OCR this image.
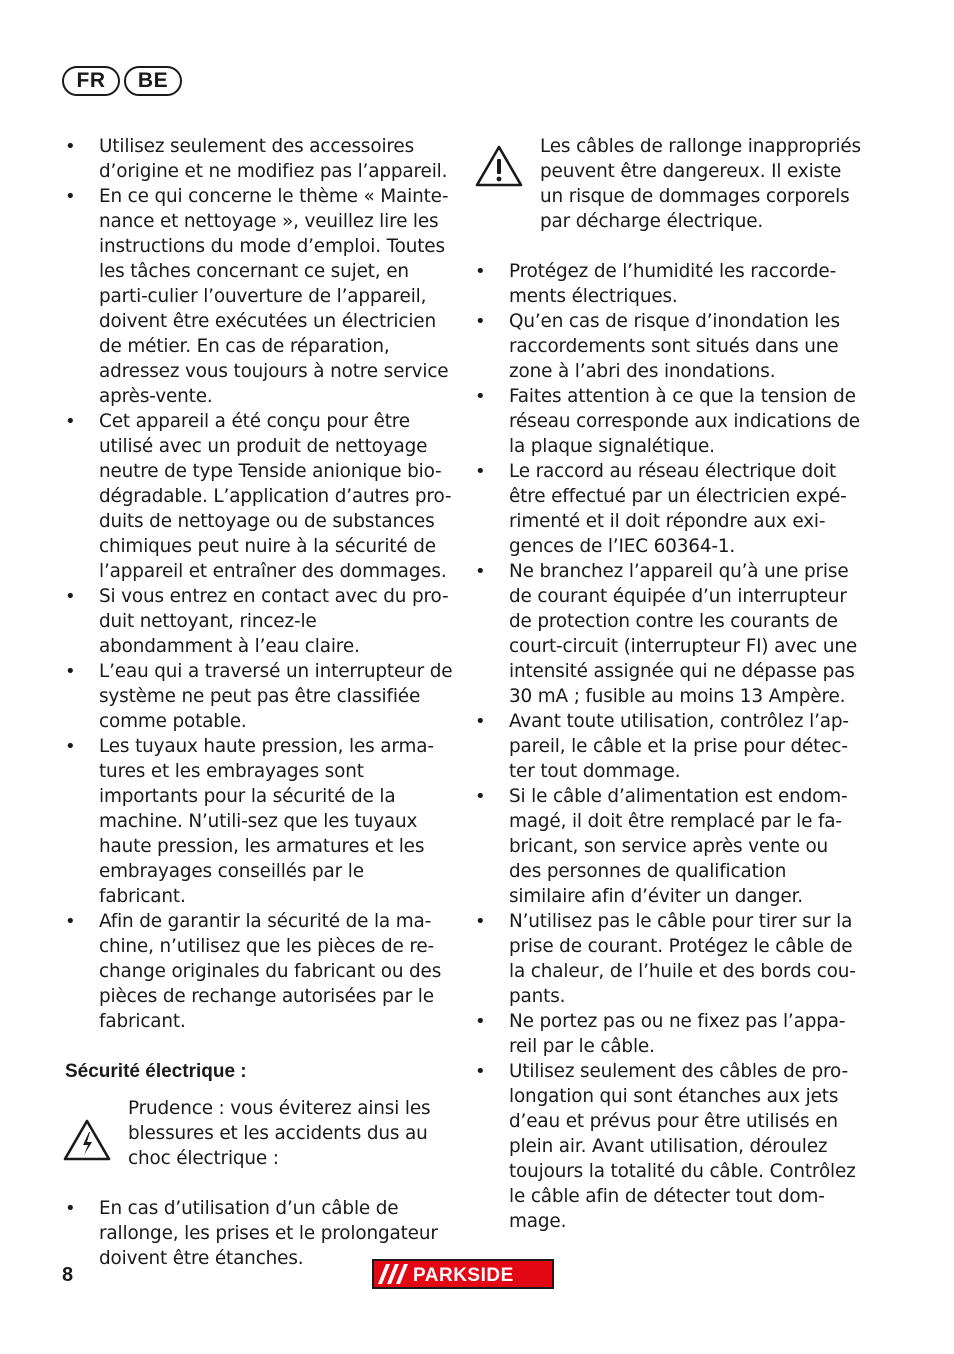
FR	BE
• Utilisez seulement des accessoires d’origine et ne modifiez pas l’appareil.
• En ce qui concerne le thème « Mainte-nance et nettoyage », veuillez lire les instructions du mode d’emploi. Toutes les tâches concernant ce sujet, en parti-culier l’ouverture de l’appareil, doivent être exécutées un électricien de métier. En cas de réparation, adressez vous toujours à notre service après-vente.
• Cet appareil a été conçu pour être utilisé avec un produit de nettoyage neutre de type Tenside anionique bio-dégradable. L’application d’autres pro-duits de nettoyage ou de substances chimiques peut nuire à la sécurité de l’appareil et entraîner des dommages.
• Si vous entrez en contact avec du pro-duit nettoyant, rincez-le abondamment à l’eau claire.
• L’eau qui a traversé un interrupteur de système ne peut pas être classifiée comme potable.
• Les tuyaux haute pression, les arma-tures et les embrayages sont importants pour la sécurité de la machine. N’utili-sez que les tuyaux haute pression, les armatures et les embrayages conseillés par le fabricant.
• Afin de garantir la sécurité de la ma-chine, n’utilisez que les pièces de re-change originales du fabricant ou des pièces de rechange autorisées par le fabricant.
Sécurité électrique :
Prudence : vous éviterez ainsi les blessures et les accidents dus au choc électrique :
• En cas d’utilisation d’un câble de rallonge, les prises et le prolongateur doivent être étanches.
Les câbles de rallonge inappropriés peuvent être dangereux. Il existe un risque de dommages corporels par décharge électrique.
• Protégez de l’humidité les raccorde-ments électriques.
• Qu’en cas de risque d’inondation les raccordements sont situés dans une zone à l’abri des inondations.
• Faites attention à ce que la tension de réseau corresponde aux indications de la plaque signalétique.
• Le raccord au réseau électrique doit être effectué par un électricien expé-rimenté et il doit répondre aux exi-gences de l’IEC 60364-1.
• Ne branchez l’appareil qu’à une prise de courant équipée d’un interrupteur de protection contre les courants de court-circuit (interrupteur FI) avec une intensité assignée qui ne dépasse pas 30 mA ; fusible au moins 13 Ampère.
• Avant toute utilisation, contrôlez l’ap-pareil, le câble et la prise pour détec-ter tout dommage.
• Si le câble d’alimentation est endom-magé, il doit être remplacé par le fa-bricant, son service après vente ou des personnes de qualification similaire afin d’éviter un danger.
• N’utilisez pas le câble pour tirer sur la prise de courant. Protégez le câble de la chaleur, de l’huile et des bords cou-pants.
• Ne portez pas ou ne fixez pas l’appa-reil par le câble.
• Utilisez seulement des câbles de pro-longation qui sont étanches aux jets d’eau et prévus pour être utilisés en plein air. Avant utilisation, déroulez toujours la totalité du câble. Contrôlez le câble afin de détecter tout dom-mage.
8	PARKSIDE
